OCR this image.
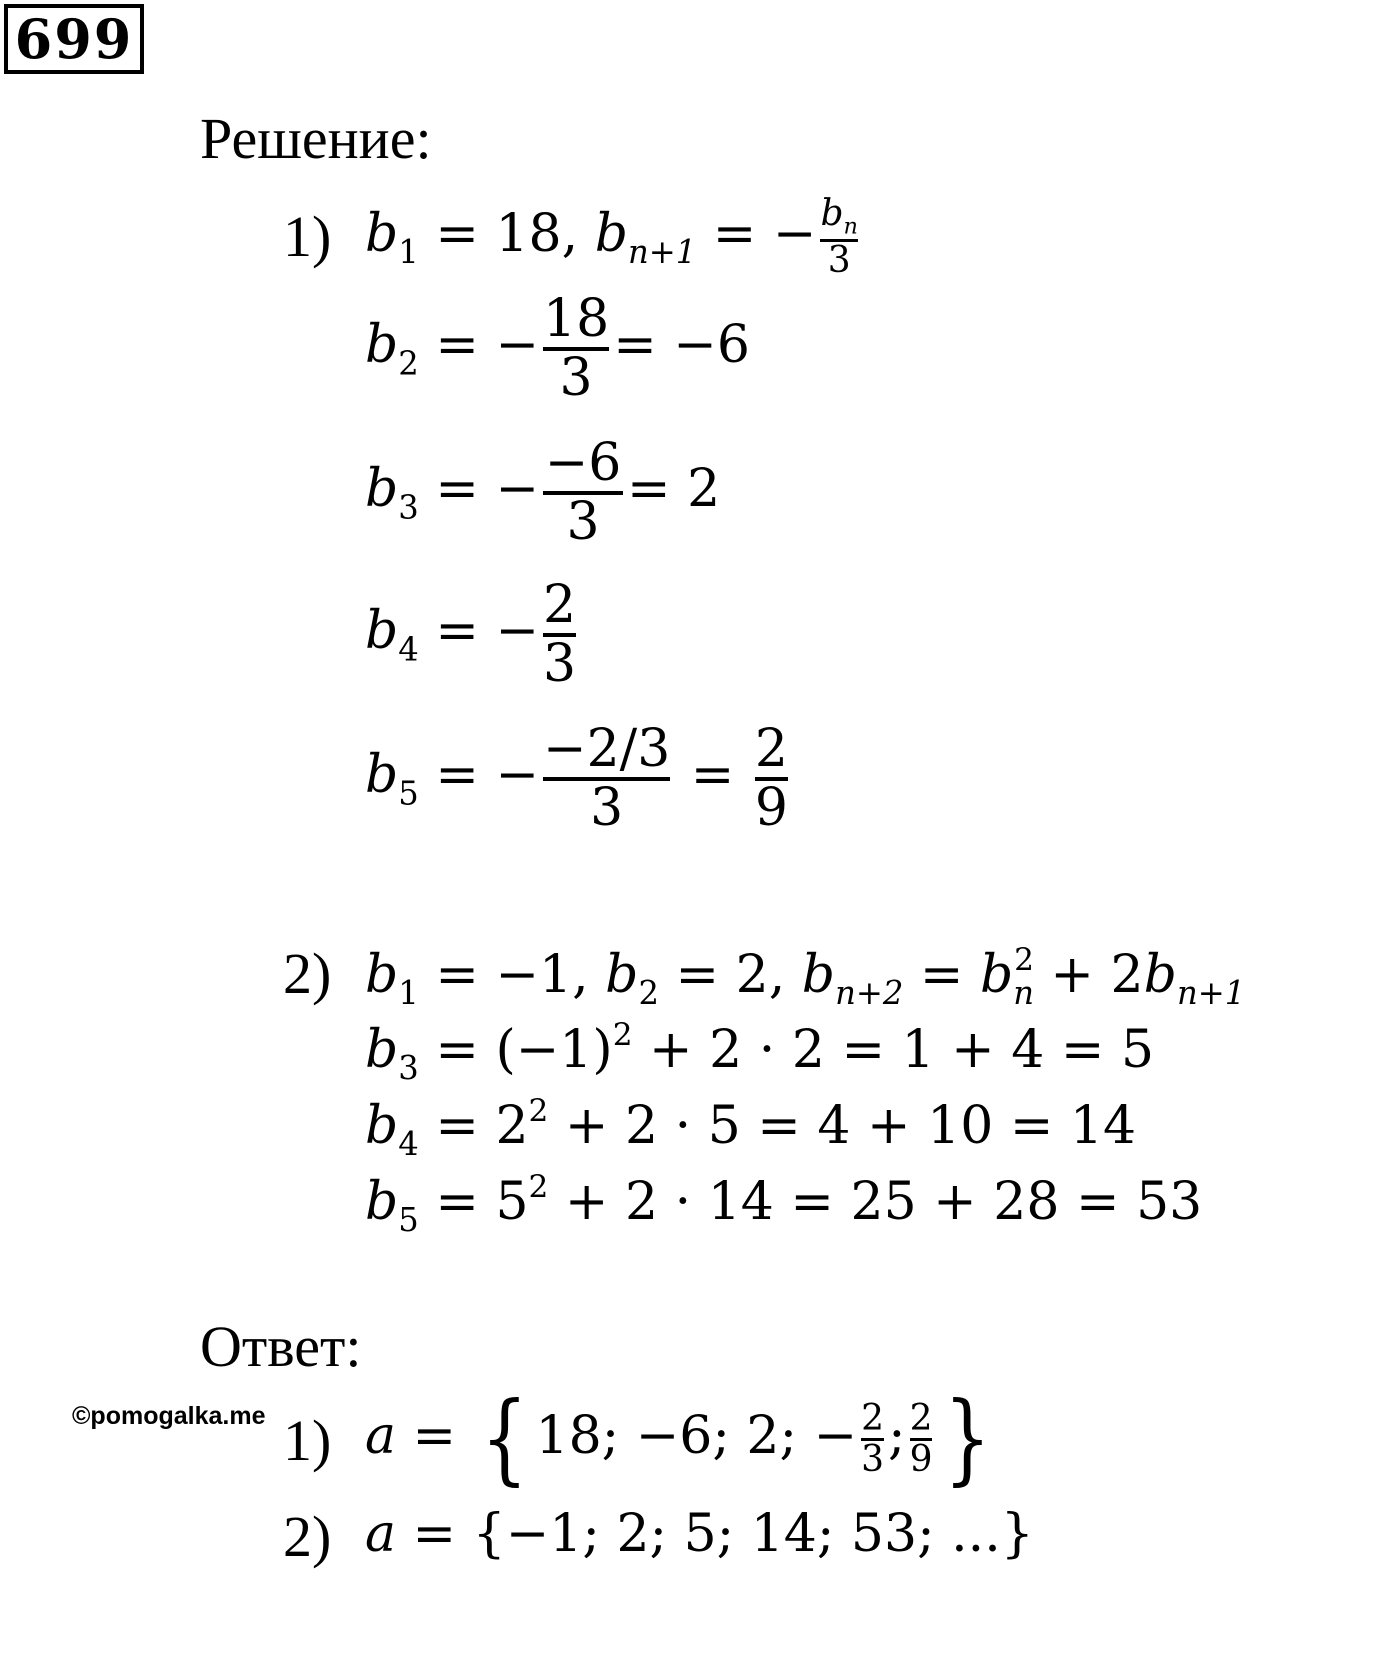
699
Решение:
1) $b_1 = 18$, $b_{n+1}$ = − $\frac{b_n}{3}$
$b_2$ = − $\frac{18}{3} = -6$
$b_3$ = − $\frac{-6}{3} = 2$
$b_4$ = − $\frac{2}{3}$
$b_5$ = − $\frac{-2/3}{3} = \frac{2}{9}$
2) $b_1 = -1$, $b_2 = 2$, $b_{n+2} = b_n^2 + 2b_{n+1}$
$b_3 = (-1)^2 + 2 \cdot 2 = 1 + 4 = 5$
$b_4 = 2^2 + 2 \cdot 5 = 4 + 10 = 14$
$b_5 = 5^2 + 2 \cdot 14 = 25 + 28 = 53$
Ответ:
©pomogalka.me 1) a = { 18; −6; 2; − $\frac{2}{3}$ ; $\frac{2}{9}$ }
2) a = {−1; 2; 5; 14; 53; ...}
